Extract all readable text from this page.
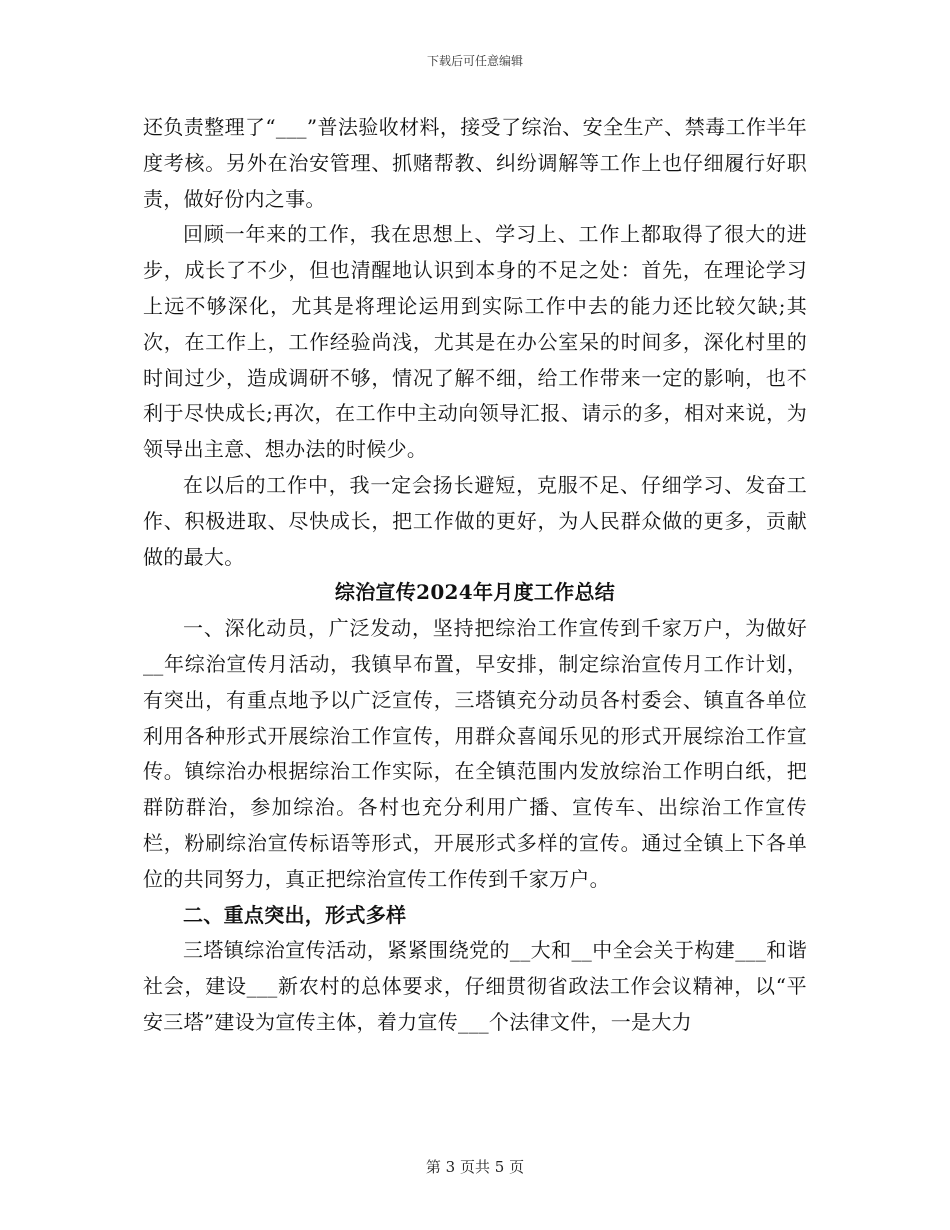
下载后可任意编辑

还负责整理了“___”普法验收材料，接受了综治、安全生产、禁毒工作半年度考核。另外在治安管理、抓赌帮教、纠纷调解等工作上也仔细履行好职责，做好份内之事。

回顾一年来的工作，我在思想上、学习上、工作上都取得了很大的进步，成长了不少，但也清醒地认识到本身的不足之处：首先，在理论学习上远不够深化，尤其是将理论运用到实际工作中去的能力还比较欠缺;其次，在工作上，工作经验尚浅，尤其是在办公室呆的时间多，深化村里的时间过少，造成调研不够，情况了解不细，给工作带来一定的影响，也不利于尽快成长;再次，在工作中主动向领导汇报、请示的多，相对来说，为领导出主意、想办法的时候少。

在以后的工作中，我一定会扬长避短，克服不足、仔细学习、发奋工作、积极进取、尽快成长，把工作做的更好，为人民群众做的更多，贡献做的最大。

综治宣传2024年月度工作总结

一、深化动员，广泛发动，坚持把综治工作宣传到千家万户，为做好__年综治宣传月活动，我镇早布置，早安排，制定综治宣传月工作计划，有突出，有重点地予以广泛宣传，三塔镇充分动员各村委会、镇直各单位利用各种形式开展综治工作宣传，用群众喜闻乐见的形式开展综治工作宣传。镇综治办根据综治工作实际，在全镇范围内发放综治工作明白纸，把群防群治，参加综治。各村也充分利用广播、宣传车、出综治工作宣传栏，粉刷综治宣传标语等形式，开展形式多样的宣传。通过全镇上下各单位的共同努力，真正把综治宣传工作传到千家万户。

二、重点突出，形式多样

三塔镇综治宣传活动，紧紧围绕党的__大和__中全会关于构建___和谐社会，建设___新农村的总体要求，仔细贯彻省政法工作会议精神，以“平安三塔”建设为宣传主体，着力宣传___个法律文件，一是大力

第 3 页共 5 页
